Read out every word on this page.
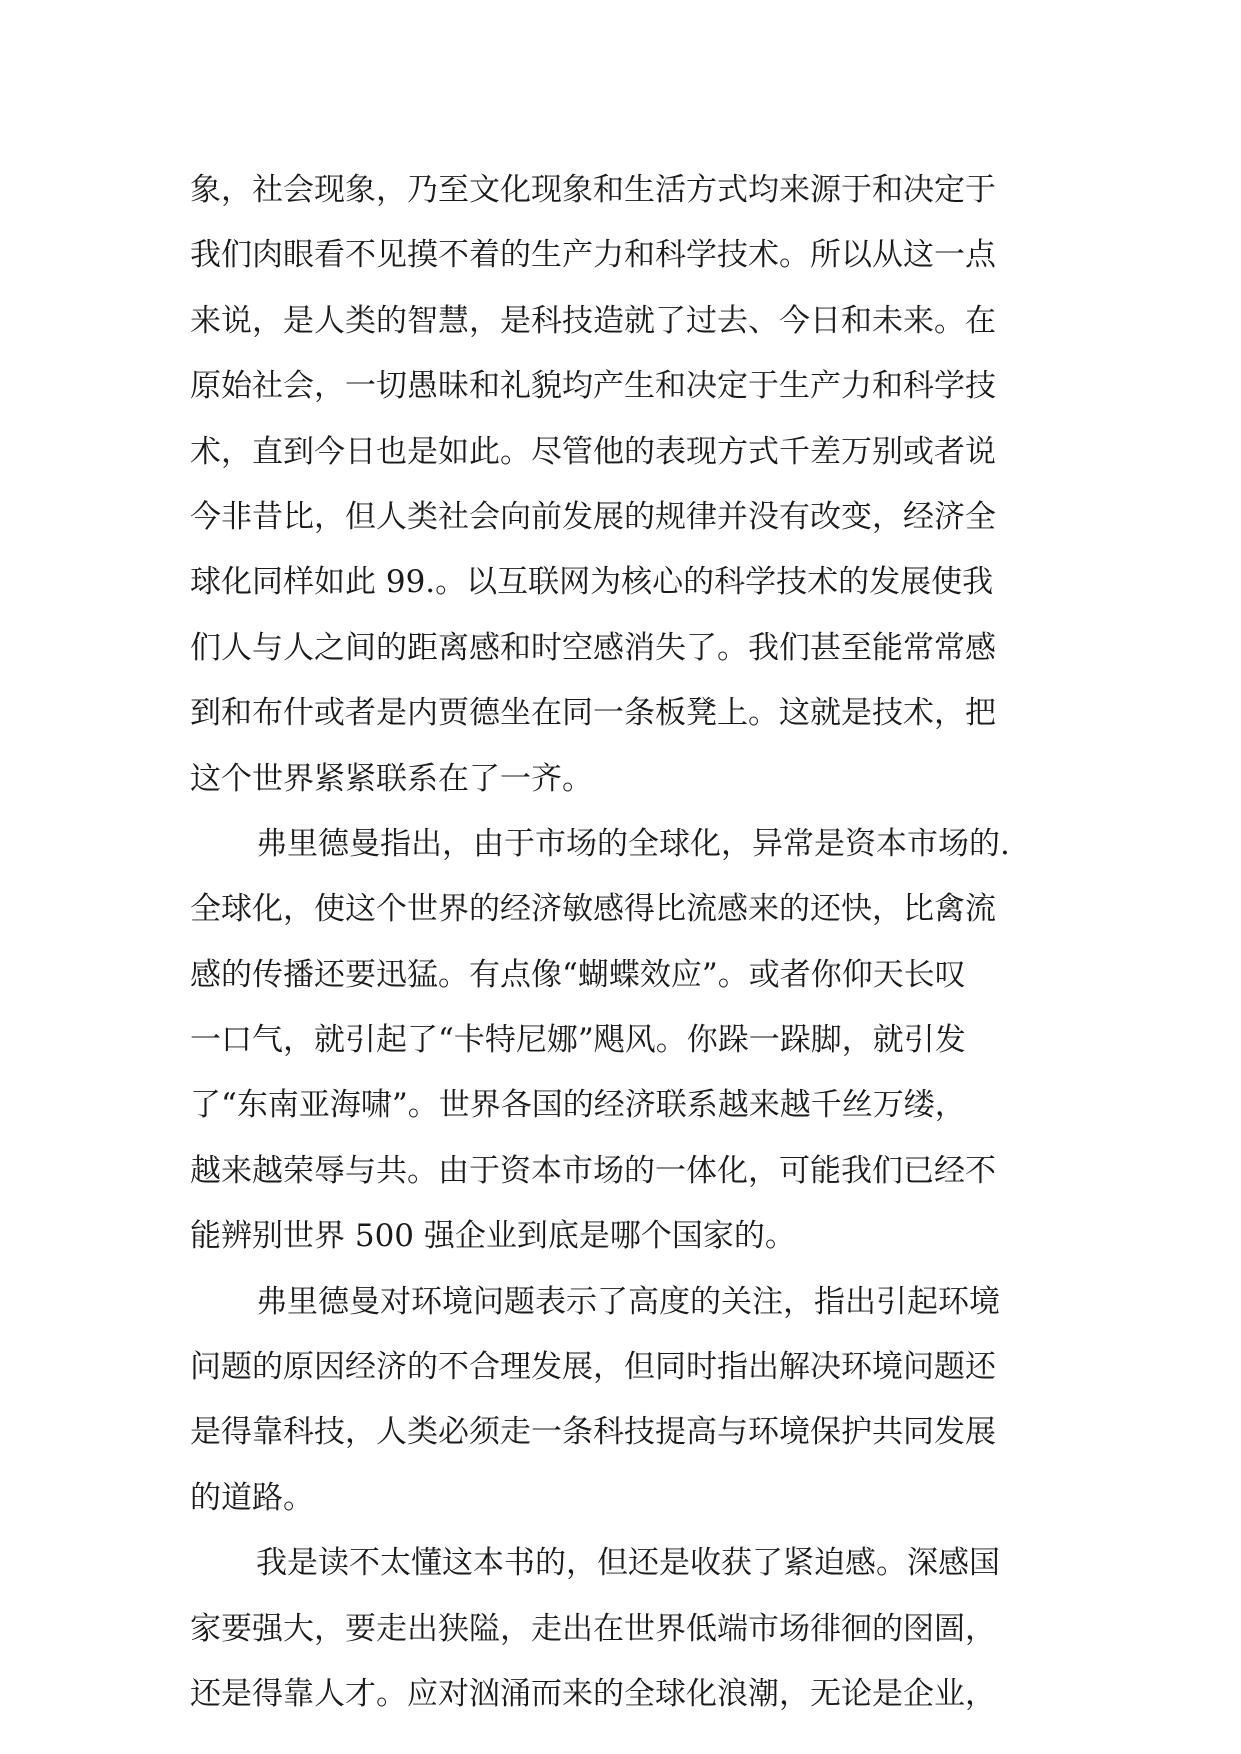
象，社会现象，乃至文化现象和生活方式均来源于和决定于
我们肉眼看不见摸不着的生产力和科学技术。所以从这一点
来说，是人类的智慧，是科技造就了过去、今日和未来。在
原始社会，一切愚昧和礼貌均产生和决定于生产力和科学技
术，直到今日也是如此。尽管他的表现方式千差万别或者说
今非昔比，但人类社会向前发展的规律并没有改变，经济全
球化同样如此 99.。以互联网为核心的科学技术的发展使我
们人与人之间的距离感和时空感消失了。我们甚至能常常感
到和布什或者是内贾德坐在同一条板凳上。这就是技术，把
这个世界紧紧联系在了一齐。
弗里德曼指出，由于市场的全球化，异常是资本市场的.
全球化，使这个世界的经济敏感得比流感来的还快，比禽流
感的传播还要迅猛。有点像“蝴蝶效应”。或者你仰天长叹
一口气，就引起了“卡特尼娜”飓风。你跺一跺脚，就引发
了“东南亚海啸”。世界各国的经济联系越来越千丝万缕，
越来越荣辱与共。由于资本市场的一体化，可能我们已经不
能辨别世界 500 强企业到底是哪个国家的。
弗里德曼对环境问题表示了高度的关注，指出引起环境
问题的原因经济的不合理发展，但同时指出解决环境问题还
是得靠科技，人类必须走一条科技提高与环境保护共同发展
的道路。
我是读不太懂这本书的，但还是收获了紧迫感。深感国
家要强大，要走出狭隘，走出在世界低端市场徘徊的囹圄，
还是得靠人才。应对汹涌而来的全球化浪潮，无论是企业，
